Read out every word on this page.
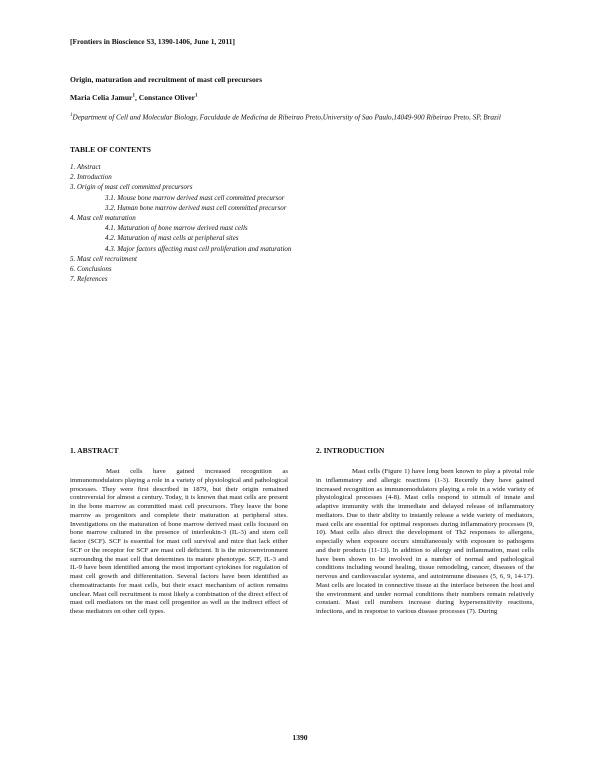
[Frontiers in Bioscience S3, 1390-1406, June 1, 2011]
Origin, maturation and recruitment of mast cell precursors
Maria Celia Jamur$^1$, Constance Oliver$^1$
$^1$Department of Cell and Molecular Biology, Faculdade de Medicina de Ribeirao Preto,University of Sao Paulo,14049-900 Ribeirao Preto, SP, Brazil
TABLE OF CONTENTS
1. Abstract
2. Introduction
3. Origin of mast cell committed precursors
3.1. Mouse bone marrow derived mast cell committed precursor
3.2. Human bone marrow derived mast cell committed precursor
4. Mast cell maturation
4.1. Maturation of bone marrow derived mast cells
4.2. Maturation of mast cells at peripheral sites
4.3. Major factors affecting mast cell proliferation and maturation
5. Mast cell recruitment
6. Conclusions
7. References
1. ABSTRACT

Mast cells have gained increased recognition as immunomodulators playing a role in a variety of physiological and pathological processes. They were first described in 1879, but their origin remained controversial for almost a century. Today, it is known that mast cells are present in the bone marrow as committed mast cell precursors. They leave the bone marrow as progenitors and complete their maturation at peripheral sites. Investigations on the maturation of bone marrow derived mast cells focused on bone marrow cultured in the presence of interleukin-3 (IL-3) and stem cell factor (SCF). SCF is essential for mast cell survival and mice that lack either SCF or the receptor for SCF are mast cell deficient. It is the microenvironment surrounding the mast cell that determines its mature phenotype. SCF, IL-3 and IL-9 have been identified among the most important cytokines for regulation of mast cell growth and differentiation. Several factors have been identified as chemoattractants for mast cells, but their exact mechanism of action remains unclear. Mast cell recruitment is most likely a combination of the direct effect of mast cell mediators on the mast cell progenitor as well as the indirect effect of these mediators on other cell types.

2. INTRODUCTION

Mast cells (Figure 1) have long been known to play a pivotal role in inflammatory and allergic reactions (1-3). Recently they have gained increased recognition as immunomodulators playing a role in a wide variety of physiological processes (4-8). Mast cells respond to stimuli of innate and adaptive immunity with the immediate and delayed release of inflammatory mediators. Due to their ability to instantly release a wide variety of mediators, mast cells are essential for optimal responses during inflammatory processes (9, 10). Mast cells also direct the development of Th2 responses to allergens, especially when exposure occurs simultaneously with exposure to pathogens and their products (11-13). In addition to allergy and inflammation, mast cells have been shown to be involved in a number of normal and pathological conditions including wound healing, tissue remodeling, cancer, diseases of the nervous and cardiovascular systems, and autoimmune diseases (5, 6, 9, 14-17). Mast cells are located in connective tissue at the interface between the host and the environment and under normal conditions their numbers remain relatively constant. Mast cell numbers increase during hypersensitivity reactions, infections, and in response to various disease processes (7). During

1390
